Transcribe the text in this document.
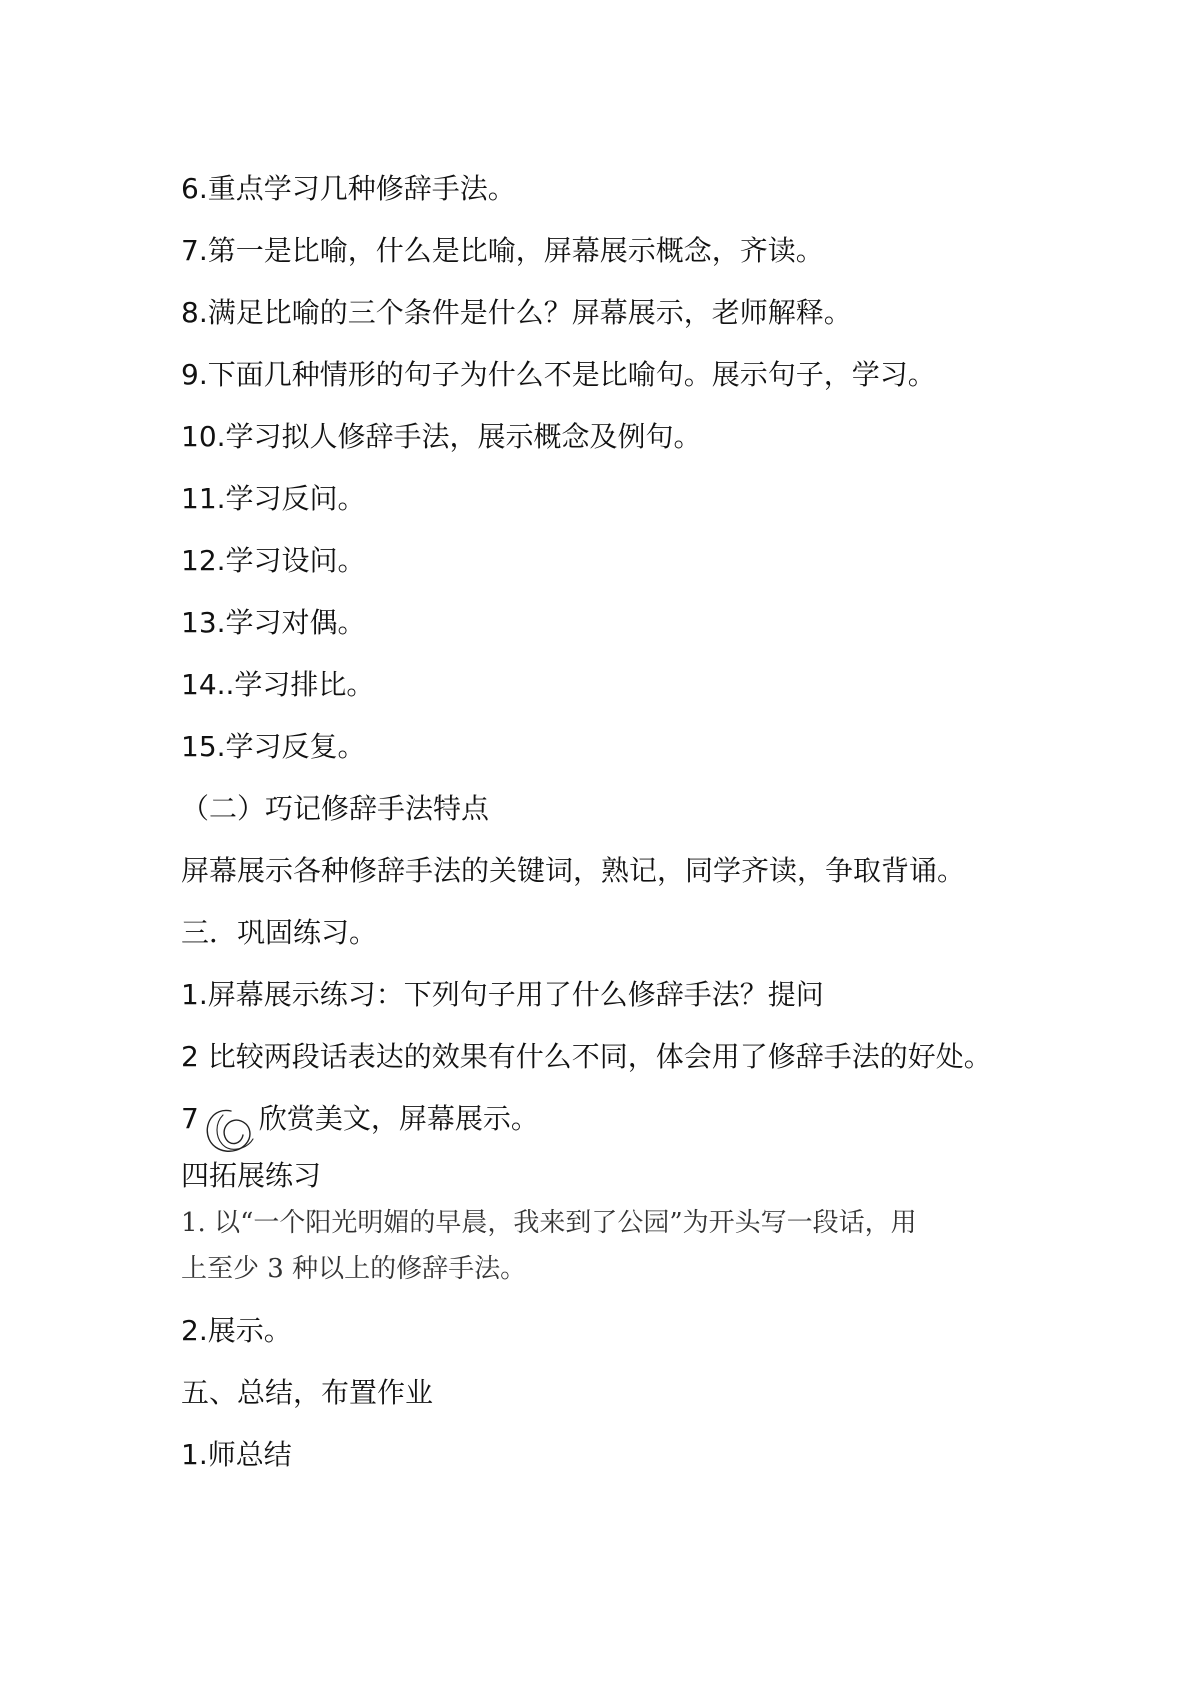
6.重点学习几种修辞手法。
7.第一是比喻，什么是比喻，屏幕展示概念，齐读。
8.满足比喻的三个条件是什么？屏幕展示，老师解释。
9.下面几种情形的句子为什么不是比喻句。展示句子，学习。
10.学习拟人修辞手法，展示概念及例句。
11.学习反问。
12.学习设问。
13.学习对偶。
14..学习排比。
15.学习反复。
（二）巧记修辞手法特点
屏幕展示各种修辞手法的关键词，熟记，同学齐读，争取背诵。
三．巩固练习。
1.屏幕展示练习：下列句子用了什么修辞手法？提问
2 比较两段话表达的效果有什么不同，体会用了修辞手法的好处。
7 欣赏美文，屏幕展示。
四拓展练习
1. 以“一个阳光明媚的早晨，我来到了公园”为开头写一段话，用
上至少 3 种以上的修辞手法。
2.展示。
五、总结，布置作业
1.师总结
